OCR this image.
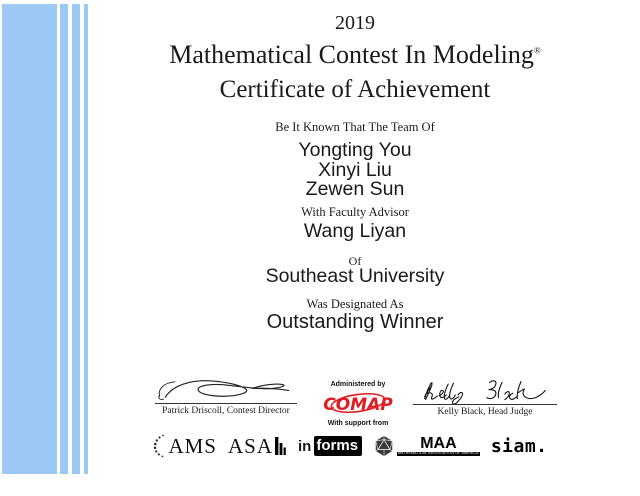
2019
Mathematical Contest In Modeling®
Certificate of Achievement
Be It Known That The Team Of
Yongting You
Xinyi Liu
Zewen Sun
With Faculty Advisor
Wang Liyan
Of
Southeast University
Was Designated As
Outstanding Winner
Patrick Driscoll, Contest Director
Administered by
COMAP
With support from
Kelly Black, Head Judge
AMS ASA in forms	MAA
MATHEMATICAL ASSOCIATION OF AMERICA siam.
